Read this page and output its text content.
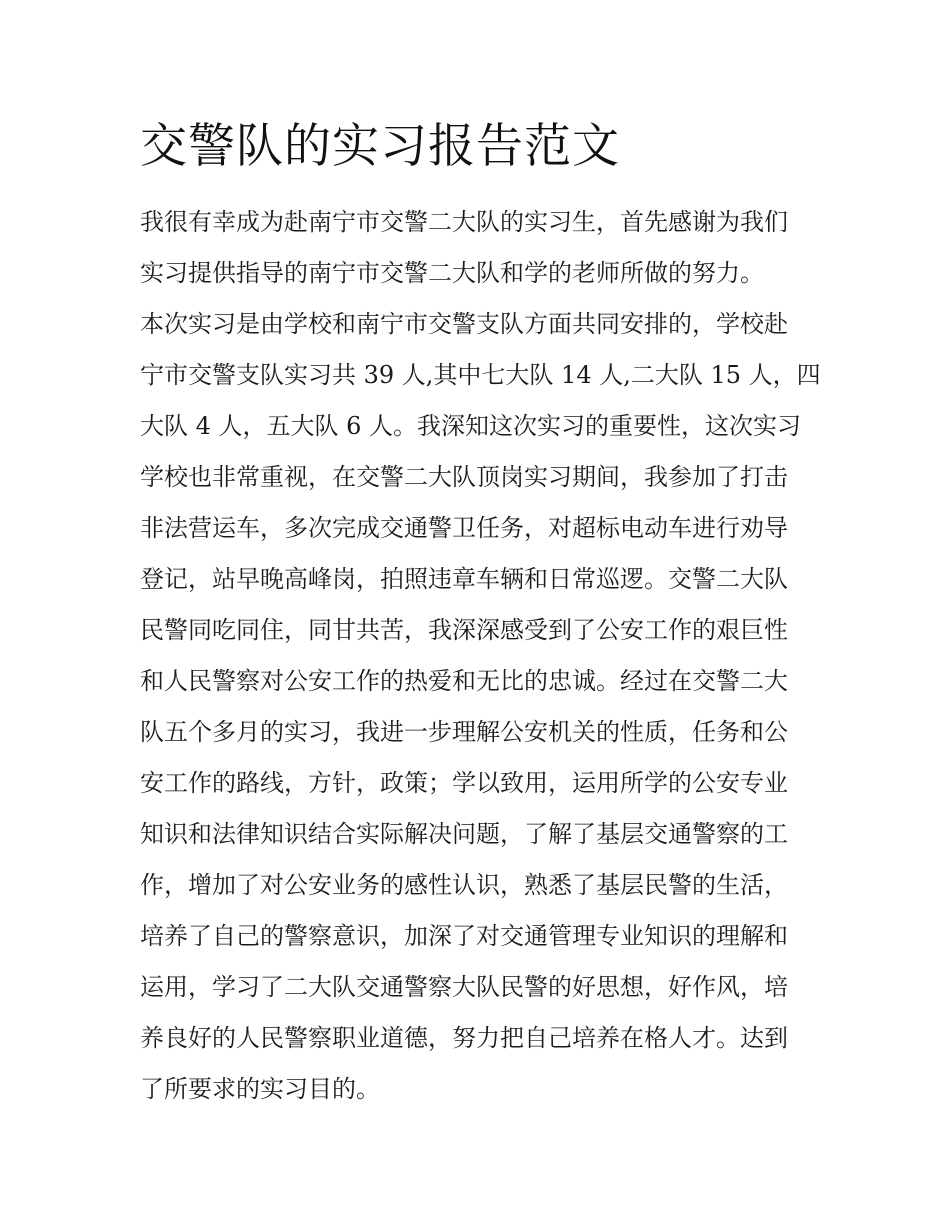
交警队的实习报告范文
我很有幸成为赴南宁市交警二大队的实习生，首先感谢为我们
实习提供指导的南宁市交警二大队和学的老师所做的努力。
本次实习是由学校和南宁市交警支队方面共同安排的，学校赴
宁市交警支队实习共 39 人,其中七大队 14 人,二大队 15 人，四
大队 4 人，五大队 6 人。我深知这次实习的重要性，这次实习
学校也非常重视，在交警二大队顶岗实习期间，我参加了打击
非法营运车，多次完成交通警卫任务，对超标电动车进行劝导
登记，站早晚高峰岗，拍照违章车辆和日常巡逻。交警二大队
民警同吃同住，同甘共苦，我深深感受到了公安工作的艰巨性
和人民警察对公安工作的热爱和无比的忠诚。经过在交警二大
队五个多月的实习，我进一步理解公安机关的性质，任务和公
安工作的路线，方针，政策；学以致用，运用所学的公安专业
知识和法律知识结合实际解决问题，了解了基层交通警察的工
作，增加了对公安业务的感性认识，熟悉了基层民警的生活，
培养了自己的警察意识，加深了对交通管理专业知识的理解和
运用，学习了二大队交通警察大队民警的好思想，好作风，培
养良好的人民警察职业道德，努力把自己培养在格人才。达到
了所要求的实习目的。
